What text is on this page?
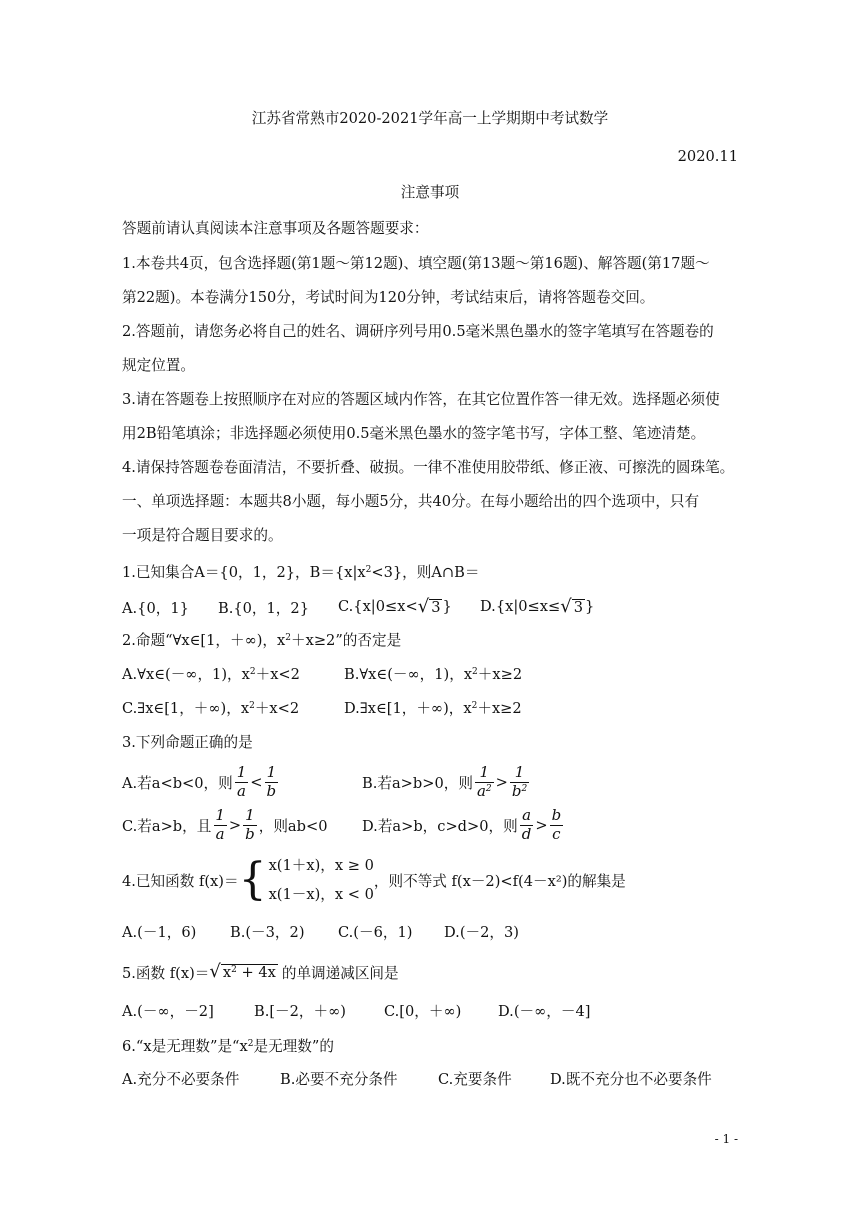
江苏省常熟市2020-2021学年高一上学期期中考试数学
2020.11
注意事项
答题前请认真阅读本注意事项及各题答题要求：
1.本卷共4页，包含选择题(第1题～第12题)、填空题(第13题～第16题)、解答题(第17题～
第22题)。本卷满分150分，考试时间为120分钟，考试结束后，请将答题卷交回。
2.答题前，请您务必将自己的姓名、调研序列号用0.5毫米黑色墨水的签字笔填写在答题卷的
规定位置。
3.请在答题卷上按照顺序在对应的答题区域内作答，在其它位置作答一律无效。选择题必须使
用2B铅笔填涂；非选择题必须使用0.5毫米黑色墨水的签字笔书写，字体工整、笔迹清楚。
4.请保持答题卷卷面清洁，不要折叠、破损。一律不准使用胶带纸、修正液、可擦洗的圆珠笔。
一、单项选择题：本题共8小题，每小题5分，共40分。在每小题给出的四个选项中，只有
一项是符合题目要求的。
1.已知集合A＝{0，1，2}，$B=\{x|x^2<3\}$，则A∩B＝
A.{0，1}	B.{0，1，2}	C.{x|0≤x< √ 3 }	D.{x|0≤x≤ √ 3 }
2.命题“∀x∈[1，＋∞)，$x^2+x\ge 2$”的否定是
A.∀x∈(－∞，1)，$x^2+x<2$	B.∀x∈(－∞，1)，$x^2+x\ge 2$
C.∃x∈[1，＋∞)，$x^2+x<2$	D.∃x∈[1，＋∞)，$x^2+x\ge 2$
3.下列命题正确的是
A.若a<b<0，则 $\frac{1}{a} < \frac{1}{b}$	B.若a>b>0，则 $\frac{1}{a^2} > \frac{1}{b^2}$
C.若a>b，且 $\frac{1}{a} > \frac{1}{b}$ ，则ab<0 D.若a>b，c>d>0，则 $\frac{a}{d} > \frac{b}{c}$
4.已知函数 f(x)＝ { x(1＋x)，x ≥ 0
x(1－x)，x < 0
，则不等式 f(x－2)<f(4－x²)的解集是
A.(－1，6) B.(－3，2) C.(－6，1) D.(－2，3)
5.函数 f(x)＝ √ $x^2 + 4x$ 的单调递减区间是
A.(－∞，－2]	B.[－2，＋∞)	C.[0，＋∞)	D.(－∞，－4]
6.“x是无理数”是“$x^2$是无理数”的
A.充分不必要条件	B.必要不充分条件	C.充要条件	D.既不充分也不必要条件
- 1 -
